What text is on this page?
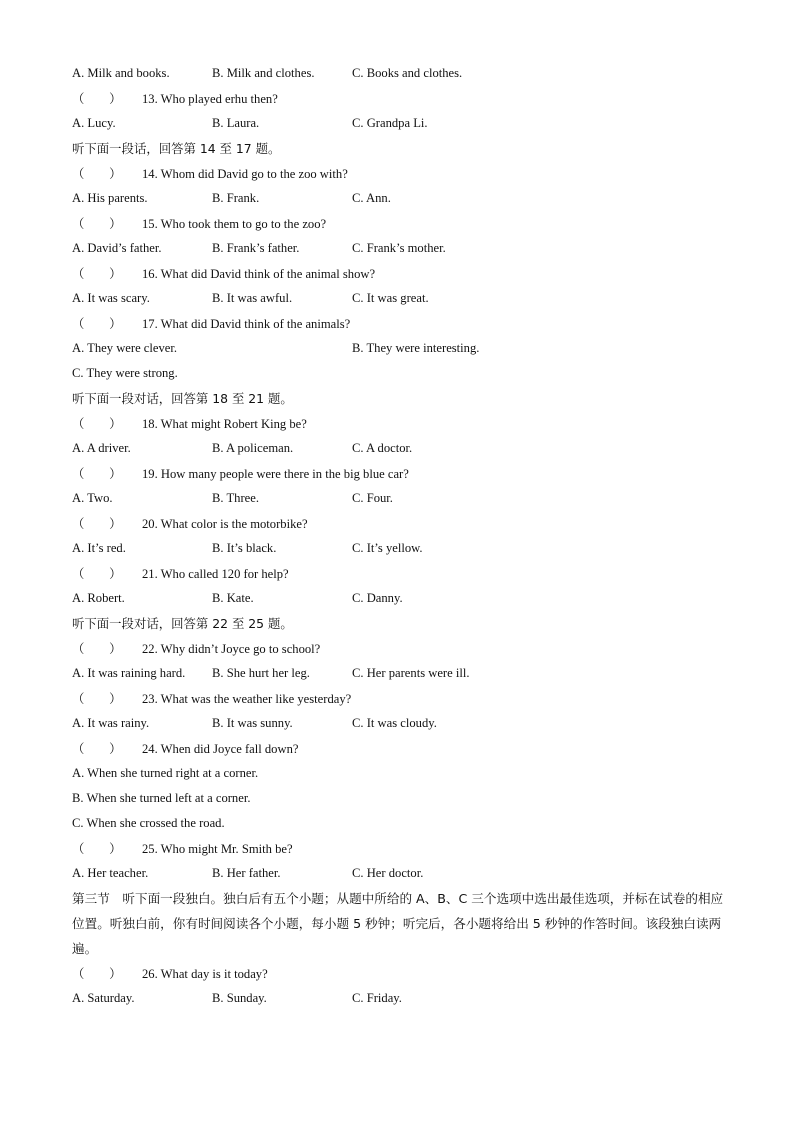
A. Milk and books.	B. Milk and clothes.	C. Books and clothes.
（　　） 13. Who played erhu then?
A. Lucy.	B. Laura.	C. Grandpa Li.
听下面一段话，回答第 14 至 17 题。
（　　） 14. Whom did David go to the zoo with?
A. His parents.	B. Frank.	C. Ann.
（　　） 15. Who took them to go to the zoo?
A. David’s father.	B. Frank’s father.	C. Frank’s mother.
（　　） 16. What did David think of the animal show?
A. It was scary.	B. It was awful.	C. It was great.
（　　） 17. What did David think of the animals?
A. They were clever.	B. They were interesting.
C. They were strong.
听下面一段对话，回答第 18 至 21 题。
（　　） 18. What might Robert King be?
A. A driver.	B. A policeman.	C. A doctor.
（　　） 19. How many people were there in the big blue car?
A. Two.	B. Three.	C. Four.
（　　） 20. What color is the motorbike?
A. It’s red.	B. It’s black.	C. It’s yellow.
（　　） 21. Who called 120 for help?
A. Robert.	B. Kate.	C. Danny.
听下面一段对话，回答第 22 至 25 题。
（　　） 22. Why didn’t Joyce go to school?
A. It was raining hard. B. She hurt her leg.	C. Her parents were ill.
（　　） 23. What was the weather like yesterday?
A. It was rainy.	B. It was sunny.	C. It was cloudy.
（　　） 24. When did Joyce fall down?
A. When she turned right at a corner.
B. When she turned left at a corner.
C. When she crossed the road.
（　　） 25. Who might Mr. Smith be?
A. Her teacher.	B. Her father.	C. Her doctor.
第三节　听下面一段独白。独白后有五个小题；从题中所给的 A、B、C 三个选项中选出最佳选项，并标在试卷的相应位置。听独白前，你有时间阅读各个小题，每小题 5 秒钟；听完后，各小题将给出 5 秒钟的作答时间。该段独白读两遍。
（　　） 26. What day is it today?
A. Saturday.	B. Sunday.	C. Friday.
